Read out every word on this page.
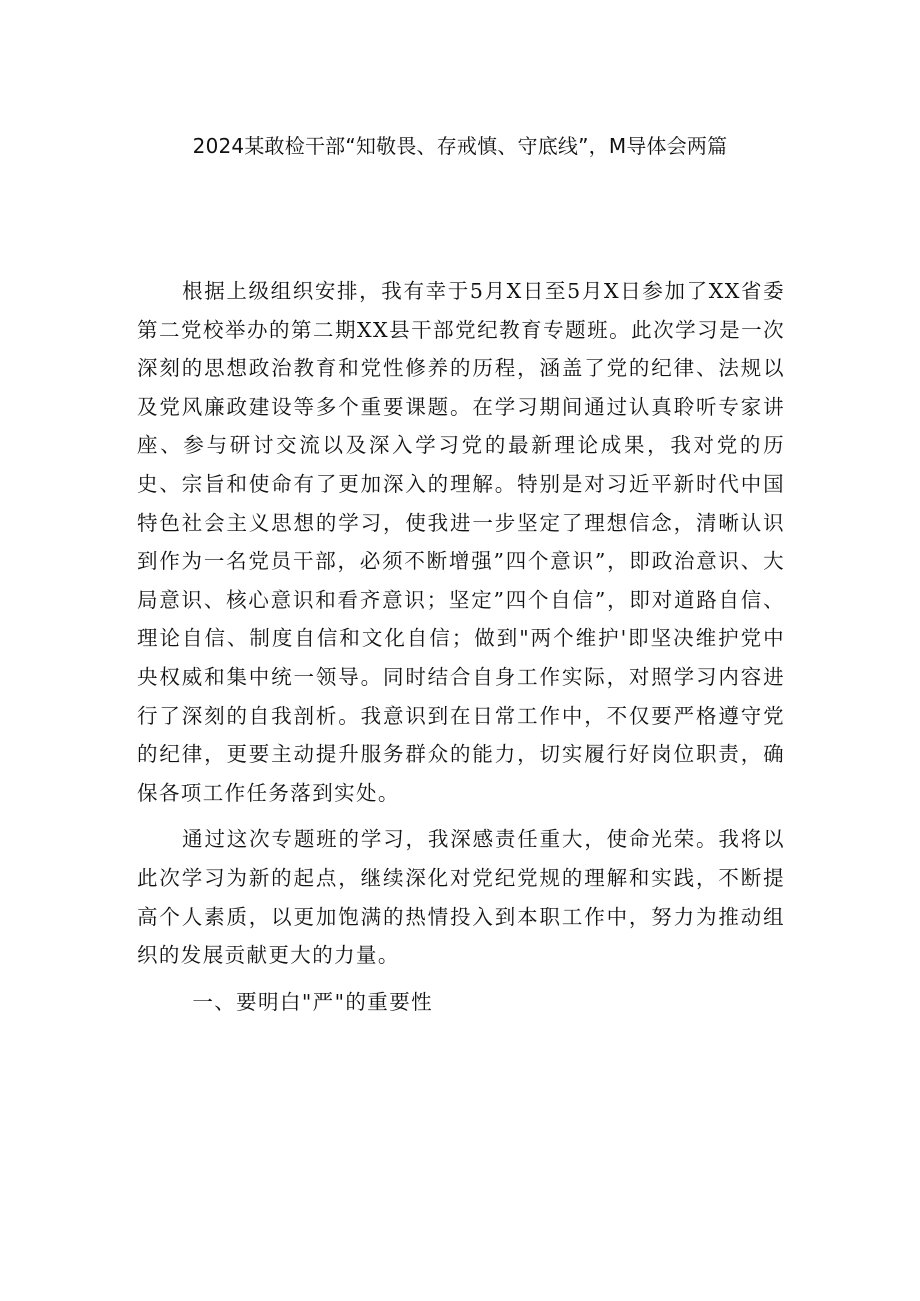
2024某敢检干部“知敬畏、存戒慎、守底线”，M导体会两篇

根据上级组织安排，我有幸于5月X日至5月X日参加了XX省委第二党校举办的第二期XX县干部党纪教育专题班。此次学习是一次深刻的思想政治教育和党性修养的历程，涵盖了党的纪律、法规以及党风廉政建设等多个重要课题。在学习期间通过认真聆听专家讲座、参与研讨交流以及深入学习党的最新理论成果，我对党的历史、宗旨和使命有了更加深入的理解。特别是对习近平新时代中国特色社会主义思想的学习，使我进一步坚定了理想信念，清晰认识到作为一名党员干部，必须不断增强”四个意识”，即政治意识、大局意识、核心意识和看齐意识；坚定”四个自信”，即对道路自信、理论自信、制度自信和文化自信；做到"两个维护'即坚决维护党中央权威和集中统一领导。同时结合自身工作实际，对照学习内容进行了深刻的自我剖析。我意识到在日常工作中，不仅要严格遵守党的纪律，更要主动提升服务群众的能力，切实履行好岗位职责，确保各项工作任务落到实处。

通过这次专题班的学习，我深感责任重大，使命光荣。我将以此次学习为新的起点，继续深化对党纪党规的理解和实践，不断提高个人素质，以更加饱满的热情投入到本职工作中，努力为推动组织的发展贡献更大的力量。

一、要明白"严"的重要性
